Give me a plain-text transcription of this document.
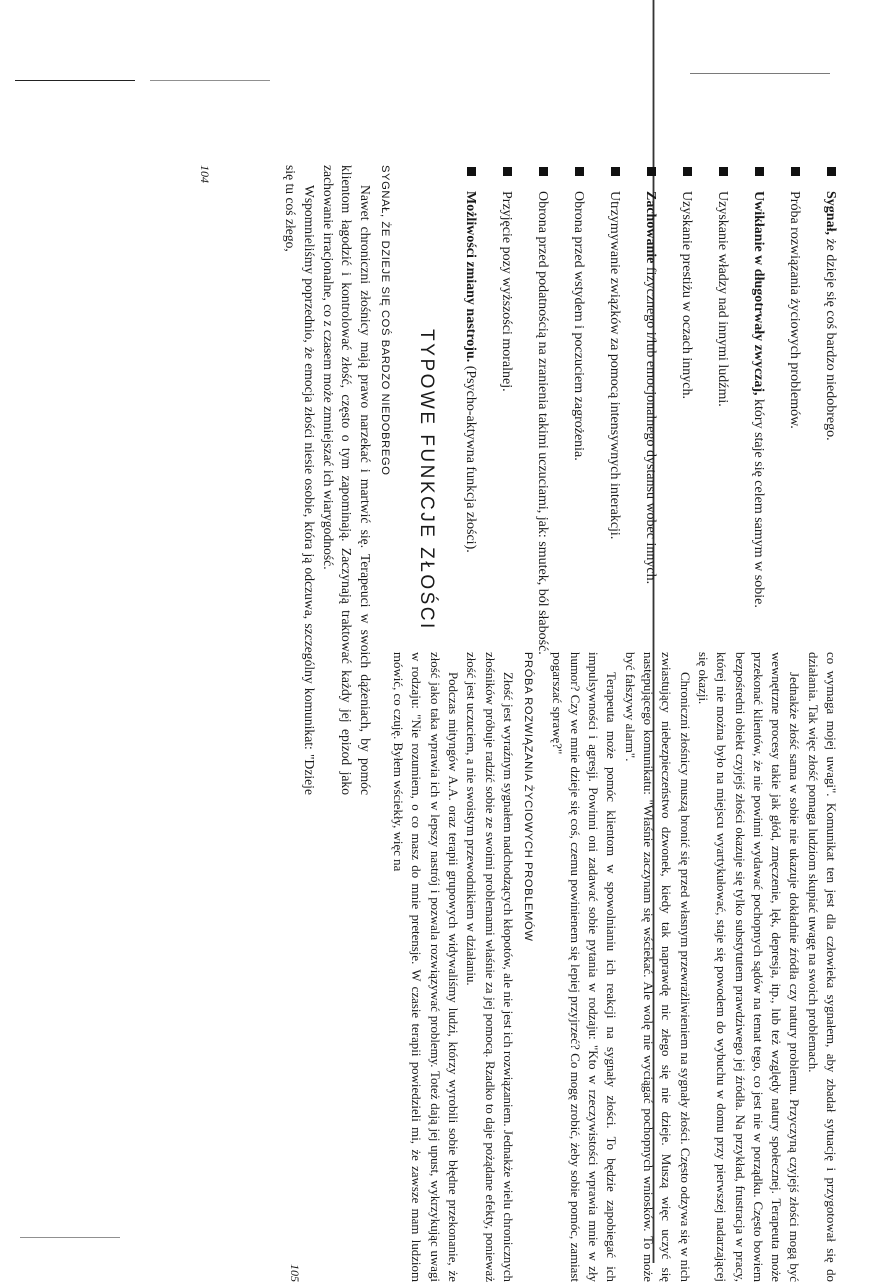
Sygnał, że dzieje się coś bardzo niedobrego.
Próba rozwiązania życiowych problemów.
Uwikłanie w długotrwały zwyczaj, który staje się celem samym w sobie.
Uzyskanie władzy nad innymi ludźmi.
Uzyskanie prestiżu w oczach innych.
Zachowanie fizycznego i/lub emocjonalnego dystansu wobec innych.
Utrzymywanie związków za pomocą intensywnych interakcji.
Obrona przed wstydem i poczuciem zagrożenia.
Obrona przed podatnością na zranienia takimi uczuciami, jak: smutek, ból słabość.
Przyjęcie pozy wyższości moralnej.
Możliwości zmiany nastroju. (Psycho-aktywna funkcja złości).
TYPOWE FUNKCJE ZŁOŚCI
SYGNAŁ, ŻE DZIEJE SIĘ COŚ BARDZO NIEDOBREGO

Nawet chroniczni złośnicy mają prawo narzekać i martwić się. Terapeuci w swoich dążeniach, by pomóc klientom łagodzić i kontrolować złość, często o tym zapominają. Zaczynają traktować każdy jej epizod jako zachowanie irracjonalne, co z czasem może zmniejszać ich wiarygodność.

Wspomnieliśmy poprzednio, że emocja złości niesie osobie, która ją odczuwa, szczególny komunikat: "Dzieje się tu coś złego,

104

co wymaga mojej uwagi". Komunikat ten jest dla człowieka sygnałem, aby zbadał sytuację i przygotował się do działania. Tak więc złość pomaga ludziom skupiać uwagę na swoich problemach.

Jednakże złość sama w sobie nie ukazuje dokładnie źródła czy natury problemu. Przyczyną czyjejś złości mogą być wewnętrzne procesy takie jak głód, zmęczenie, lęk, depresja, itp., lub też względy natury społecznej. Terapeuta może przekonać klientów, że nie powinni wydawać pochopnych sądów na temat tego, co jest nie w porządku. Często bowiem bezpośredni obiekt czyjejś złości okazuje się tylko substytutem prawdziwego jej źródła. Na przykład, frustracja w pracy, której nie można było na miejscu wyartykułować, staje się powodem do wybuchu w domu przy pierwszej nadarzającej się okazji.

Chroniczni złośnicy muszą bronić się przed własnym przewrażliwieniem na sygnały złości. Często odzywa się w nich zwiastujący niebezpieczeństwo dzwonek, kiedy tak naprawdę nic złego się nie dzieje. Muszą więc uczyć się następującego komunikatu: "Właśnie zaczynam się wściekać. Ale wolę nie wyciągać pochopnych wniosków. To może być fałszywy alarm".

Terapeuta może pomóc klientom w spowolnianiu ich reakcji na sygnały złości. To będzie zapobiegać ich impulsywności i agresji. Powinni oni zadawać sobie pytania w rodzaju: "Kto w rzeczywistości wprawia mnie w zły humor? Czy we mnie dzieje się coś, czemu powinienem się lepiej przyjrzeć? Co mogę zrobić, żeby sobie pomóc, zamiast pogarszać sprawę?"

PRÓBA ROZWIĄZANIA ŻYCIOWYCH PROBLEMÓW

Złość jest wyraźnym sygnałem nadchodzących kłopotów, ale nie jest ich rozwiązaniem. Jednakże wielu chronicznych złośników próbuje radzić sobie ze swoimi problemami właśnie za jej pomocą. Rzadko to daje pożądane efekty, ponieważ złość jest uczuciem, a nie swoistym przewodnikiem w działaniu.

Podczas mityngów A.A. oraz terapii grupowych widywaliśmy ludzi, którzy wyrobili sobie błędne przekonanie, że złość jako taka wprawia ich w lepszy nastrój i pozwala rozwiązywać problemy. Toteż dają jej upust, wykrzykując uwagi w rodzaju: "Nie rozumiem, o co masz do mnie pretensje. W czasie terapii powiedzieli mi, że zawsze mam ludziom mówić, co czuję. Byłem wściekły, więc na

105
